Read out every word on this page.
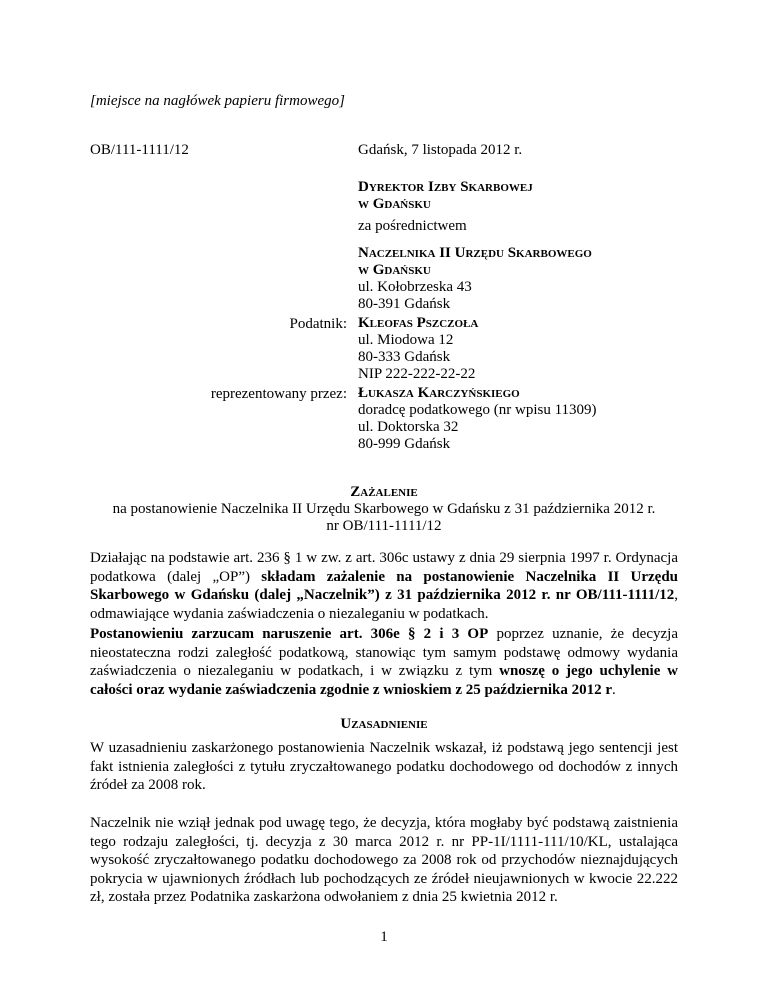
[miejsce na nagłówek papieru firmowego]
OB/111-1111/12	Gdańsk, 7 listopada 2012 r.
Dyrektor Izby Skarbowej
w Gdańsku
za pośrednictwem
Naczelnika II Urzędu Skarbowego
w Gdańsku
ul. Kołobrzeska 43
80-391 Gdańsk
Podatnik: Kleofas Pszczoła
ul. Miodowa 12
80-333 Gdańsk
NIP 222-222-22-22
reprezentowany przez: Łukasza Karczyńskiego
doradcę podatkowego (nr wpisu 11309)
ul. Doktorska 32
80-999 Gdańsk
Zażalenie
na postanowienie Naczelnika II Urzędu Skarbowego w Gdańsku z 31 października 2012 r.
nr OB/111-1111/12
Działając na podstawie art. 236 § 1 w zw. z art. 306c ustawy z dnia 29 sierpnia 1997 r. Ordynacja podatkowa (dalej „OP”) składam zażalenie na postanowienie Naczelnika II Urzędu Skarbowego w Gdańsku (dalej „Naczelnik”) z 31 października 2012 r. nr OB/111-1111/12, odmawiające wydania zaświadczenia o niezaleganiu w podatkach.
Postanowieniu zarzucam naruszenie art. 306e § 2 i 3 OP poprzez uznanie, że decyzja nieostateczna rodzi zaległość podatkową, stanowiąc tym samym podstawę odmowy wydania zaświadczenia o niezaleganiu w podatkach, i w związku z tym wnoszę o jego uchylenie w całości oraz wydanie zaświadczenia zgodnie z wnioskiem z 25 października 2012 r.
Uzasadnienie
W uzasadnieniu zaskarżonego postanowienia Naczelnik wskazał, iż podstawą jego sentencji jest fakt istnienia zaległości z tytułu zryczałtowanego podatku dochodowego od dochodów z innych źródeł za 2008 rok.
Naczelnik nie wziął jednak pod uwagę tego, że decyzja, która mogłaby być podstawą zaistnienia tego rodzaju zaległości, tj. decyzja z 30 marca 2012 r. nr PP-1I/1111-111/10/KL, ustalająca wysokość zryczałtowanego podatku dochodowego za 2008 rok od przychodów nieznajdujących pokrycia w ujawnionych źródłach lub pochodzących ze źródeł nieujawnionych w kwocie 22.222 zł, została przez Podatnika zaskarżona odwołaniem z dnia 25 kwietnia 2012 r.
1
